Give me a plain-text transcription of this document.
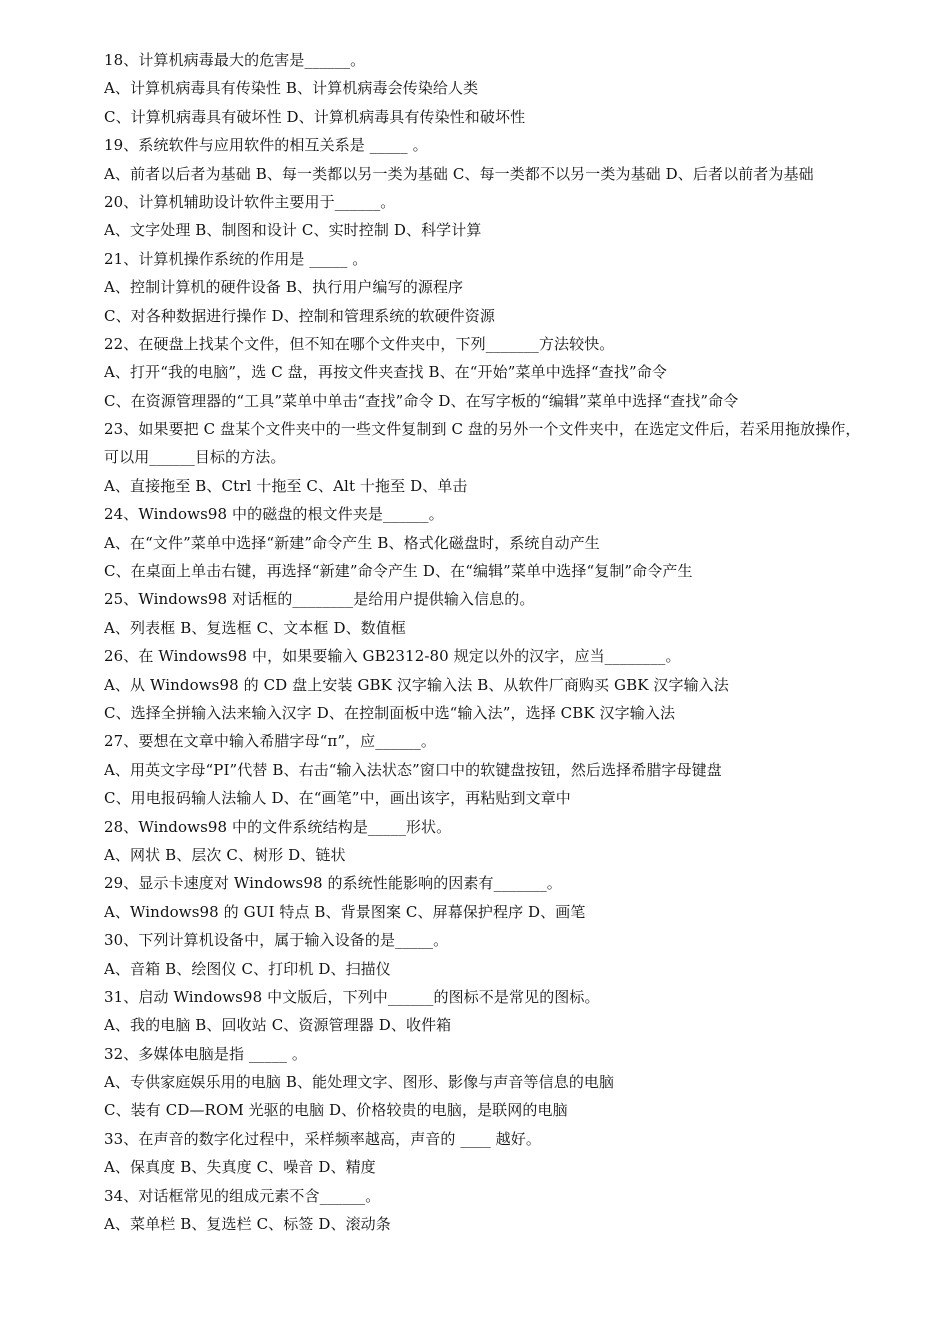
18、计算机病毒最大的危害是______。
A、计算机病毒具有传染性 B、计算机病毒会传染给人类
C、计算机病毒具有破坏性 D、计算机病毒具有传染性和破坏性
19、系统软件与应用软件的相互关系是 _____ 。
A、前者以后者为基础 B、每一类都以另一类为基础 C、每一类都不以另一类为基础 D、后者以前者为基础
20、计算机辅助设计软件主要用于______。
A、文字处理 B、制图和设计 C、实时控制 D、科学计算
21、计算机操作系统的作用是 _____ 。
A、控制计算机的硬件设备 B、执行用户编写的源程序
C、对各种数据进行操作 D、控制和管理系统的软硬件资源
22、在硬盘上找某个文件，但不知在哪个文件夹中，下列_______方法较快。
A、打开“我的电脑”，选 C 盘，再按文件夹查找 B、在“开始”菜单中选择“查找”命令
C、在资源管理器的“工具”菜单中单击“查找”命令 D、在写字板的“编辑”菜单中选择“查找”命令
23、如果要把 C 盘某个文件夹中的一些文件复制到 C 盘的另外一个文件夹中，在选定文件后，若采用拖放操作，
可以用______目标的方法。
A、直接拖至 B、Ctrl 十拖至 C、Alt 十拖至 D、单击
24、Windows98 中的磁盘的根文件夹是______。
A、在“文件”菜单中选择“新建”命令产生 B、格式化磁盘时，系统自动产生
C、在桌面上单击右键，再选择“新建”命令产生 D、在“编辑”菜单中选择“复制”命令产生
25、Windows98 对话框的________是给用户提供输入信息的。
A、列表框 B、复选框 C、文本框 D、数值框
26、在 Windows98 中，如果要输入 GB2312-80 规定以外的汉字，应当________。
A、从 Windows98 的 CD 盘上安装 GBK 汉字输入法 B、从软件厂商购买 GBK 汉字输入法
C、选择全拼输入法来输入汉字 D、在控制面板中选“输入法”，选择 CBK 汉字输入法
27、要想在文章中输入希腊字母“π”，应______。
A、用英文字母“PI”代替 B、右击“输入法状态”窗口中的软键盘按钮，然后选择希腊字母键盘
C、用电报码输人法输人 D、在“画笔”中，画出该字，再粘贴到文章中
28、Windows98 中的文件系统结构是_____形状。
A、网状 B、层次 C、树形 D、链状
29、显示卡速度对 Windows98 的系统性能影响的因素有_______。
A、Windows98 的 GUI 特点 B、背景图案 C、屏幕保护程序 D、画笔
30、下列计算机设备中，属于输入设备的是_____。
A、音箱 B、绘图仪 C、打印机 D、扫描仪
31、启动 Windows98 中文版后，下列中______的图标不是常见的图标。
A、我的电脑 B、回收站 C、资源管理器 D、收件箱
32、多媒体电脑是指 _____ 。
A、专供家庭娱乐用的电脑 B、能处理文字、图形、影像与声音等信息的电脑
C、装有 CD—ROM 光驱的电脑 D、价格较贵的电脑，是联网的电脑
33、在声音的数字化过程中，采样频率越高，声音的 ____ 越好。
A、保真度 B、失真度 C、噪音 D、精度
34、对话框常见的组成元素不含______。
A、菜单栏 B、复选栏 C、标签 D、滚动条
